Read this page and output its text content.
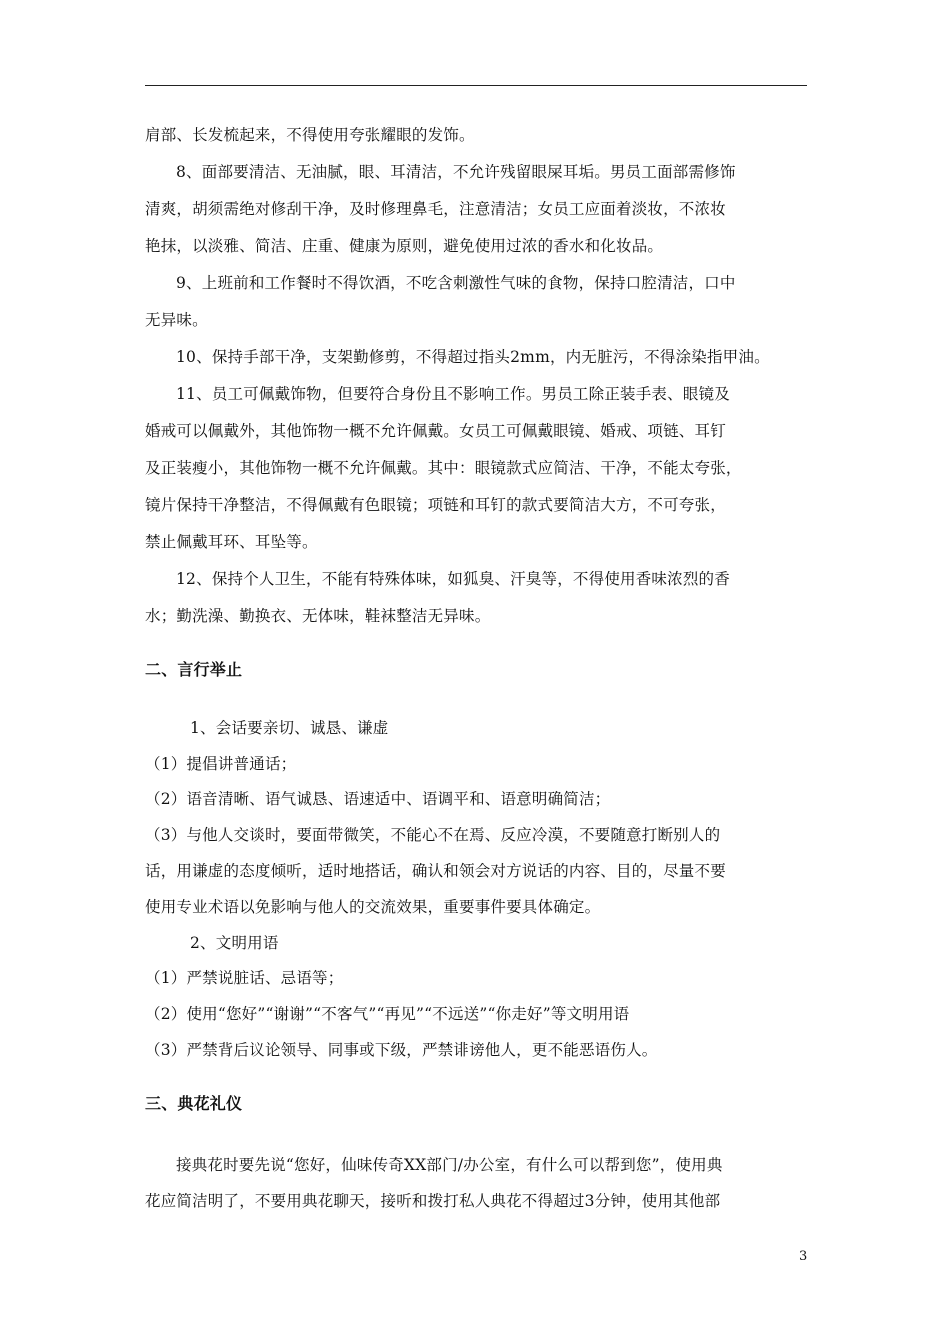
肩部、长发梳起来，不得使用夸张耀眼的发饰。
8、面部要清洁、无油腻，眼、耳清洁，不允许残留眼屎耳垢。男员工面部需修饰
清爽，胡须需绝对修刮干净，及时修理鼻毛，注意清洁；女员工应面着淡妆，不浓妆
艳抹，以淡雅、简洁、庄重、健康为原则，避免使用过浓的香水和化妆品。
9、上班前和工作餐时不得饮酒，不吃含刺激性气味的食物，保持口腔清洁，口中
无异味。
10、保持手部干净，支架勤修剪，不得超过指头2mm，内无脏污，不得涂染指甲油。
11、员工可佩戴饰物，但要符合身份且不影响工作。男员工除正装手表、眼镜及
婚戒可以佩戴外，其他饰物一概不允许佩戴。女员工可佩戴眼镜、婚戒、项链、耳钉
及正装瘦小，其他饰物一概不允许佩戴。其中：眼镜款式应简洁、干净，不能太夸张，
镜片保持干净整洁，不得佩戴有色眼镜；项链和耳钉的款式要简洁大方，不可夸张，
禁止佩戴耳环、耳坠等。
12、保持个人卫生，不能有特殊体味，如狐臭、汗臭等，不得使用香味浓烈的香
水；勤洗澡、勤换衣、无体味，鞋袜整洁无异味。
二、言行举止
1、会话要亲切、诚恳、谦虚
（1）提倡讲普通话；
（2）语音清晰、语气诚恳、语速适中、语调平和、语意明确简洁；
（3）与他人交谈时，要面带微笑，不能心不在焉、反应冷漠，不要随意打断别人的
话，用谦虚的态度倾听，适时地搭话，确认和领会对方说话的内容、目的，尽量不要
使用专业术语以免影响与他人的交流效果，重要事件要具体确定。
2、文明用语
（1）严禁说脏话、忌语等；
（2）使用“您好”“谢谢”“不客气”“再见”“不远送”“你走好”等文明用语
（3）严禁背后议论领导、同事或下级，严禁诽谤他人，更不能恶语伤人。
三、典花礼仪
接典花时要先说“您好，仙味传奇XX部门/办公室，有什么可以帮到您”，使用典
花应简洁明了，不要用典花聊天，接听和拨打私人典花不得超过3分钟，使用其他部
3
